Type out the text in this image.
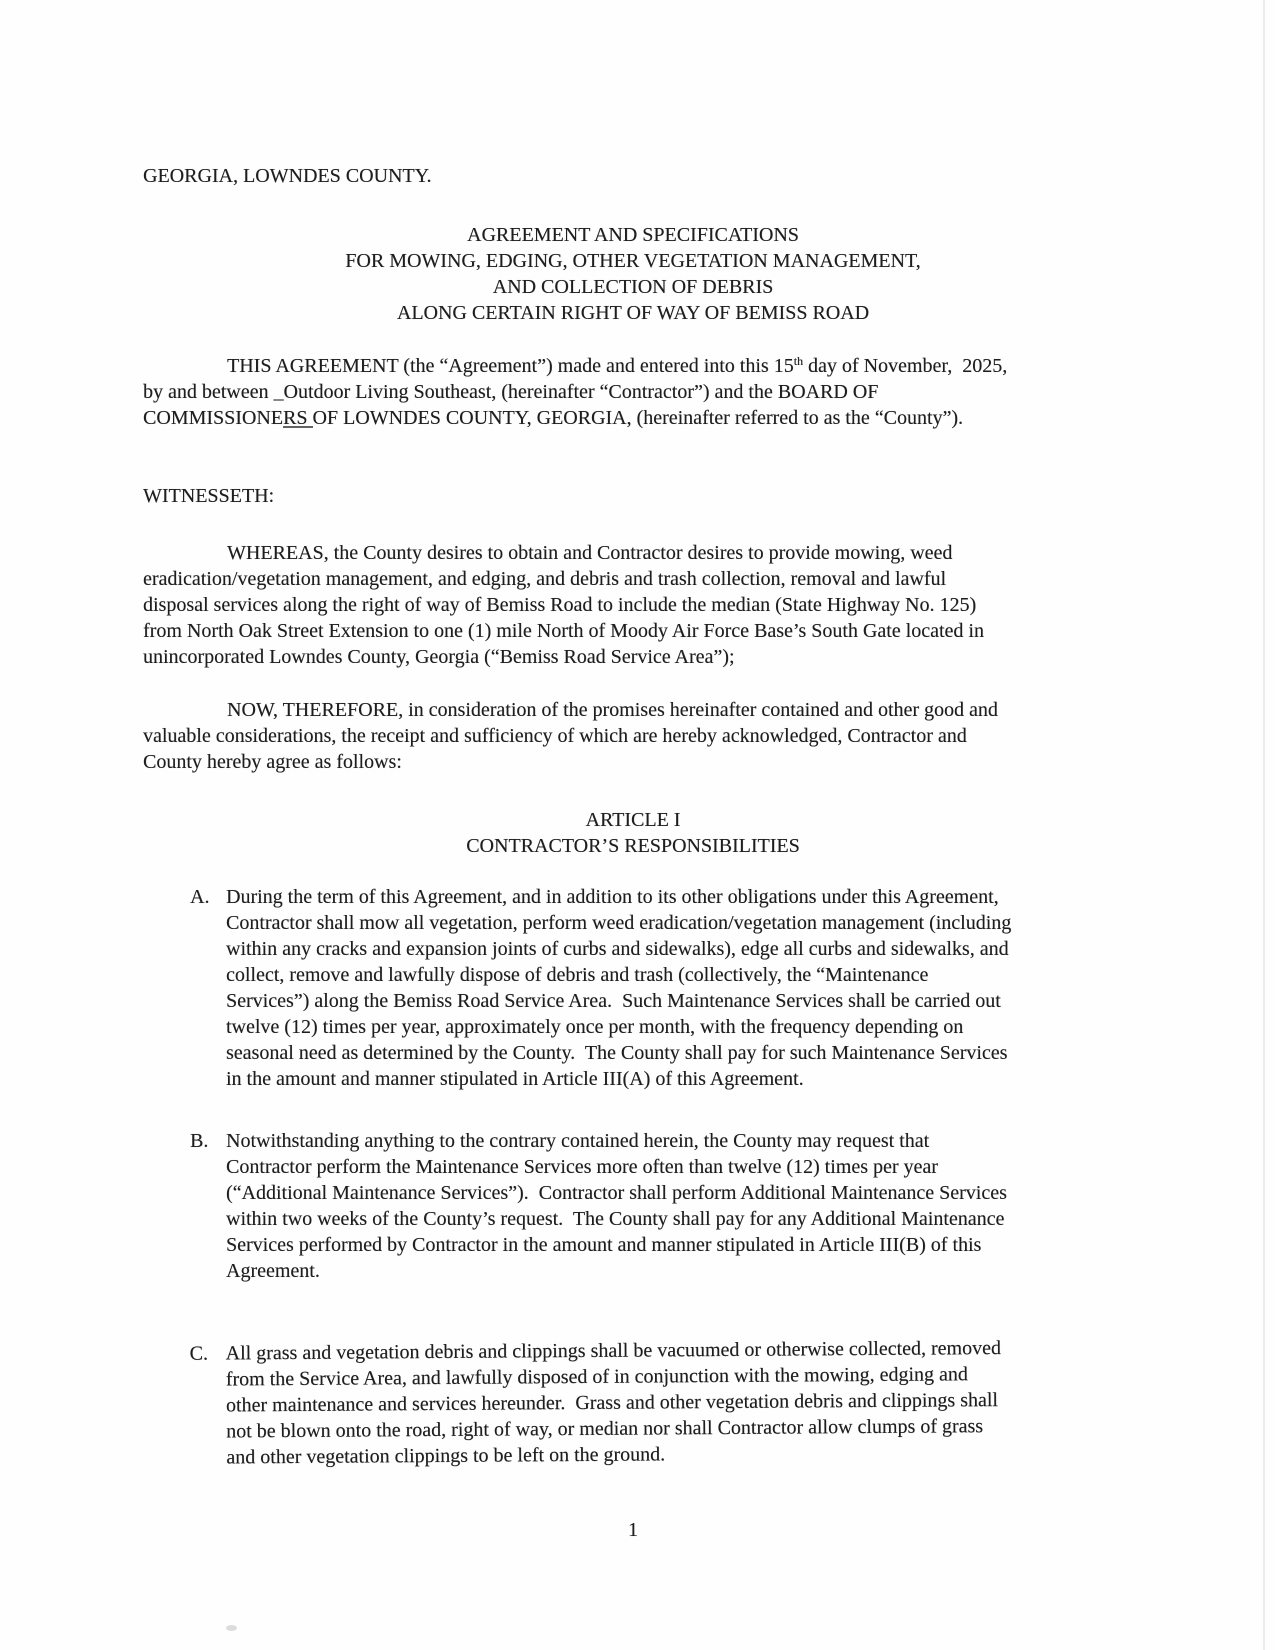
GEORGIA, LOWNDES COUNTY.
AGREEMENT AND SPECIFICATIONS
FOR MOWING, EDGING, OTHER VEGETATION MANAGEMENT,
AND COLLECTION OF DEBRIS
ALONG CERTAIN RIGHT OF WAY OF BEMISS ROAD
THIS AGREEMENT (the “Agreement”) made and entered into this 15th day of November,  2025,
by and between _Outdoor Living Southeast, (hereinafter “Contractor”) and the BOARD OF
COMMISSIONERS OF LOWNDES COUNTY, GEORGIA, (hereinafter referred to as the “County”).
WITNESSETH:
WHEREAS, the County desires to obtain and Contractor desires to provide mowing, weed
eradication/vegetation management, and edging, and debris and trash collection, removal and lawful
disposal services along the right of way of Bemiss Road to include the median (State Highway No. 125)
from North Oak Street Extension to one (1) mile North of Moody Air Force Base’s South Gate located in
unincorporated Lowndes County, Georgia (“Bemiss Road Service Area”);
NOW, THEREFORE, in consideration of the promises hereinafter contained and other good and
valuable considerations, the receipt and sufficiency of which are hereby acknowledged, Contractor and
County hereby agree as follows:
ARTICLE I
CONTRACTOR’S RESPONSIBILITIES
A. During the term of this Agreement, and in addition to its other obligations under this Agreement,
Contractor shall mow all vegetation, perform weed eradication/vegetation management (including
within any cracks and expansion joints of curbs and sidewalks), edge all curbs and sidewalks, and
collect, remove and lawfully dispose of debris and trash (collectively, the “Maintenance
Services”) along the Bemiss Road Service Area.  Such Maintenance Services shall be carried out
twelve (12) times per year, approximately once per month, with the frequency depending on
seasonal need as determined by the County.  The County shall pay for such Maintenance Services
in the amount and manner stipulated in Article III(A) of this Agreement.
B. Notwithstanding anything to the contrary contained herein, the County may request that
Contractor perform the Maintenance Services more often than twelve (12) times per year
(“Additional Maintenance Services”).  Contractor shall perform Additional Maintenance Services
within two weeks of the County’s request.  The County shall pay for any Additional Maintenance
Services performed by Contractor in the amount and manner stipulated in Article III(B) of this
Agreement.
C. All grass and vegetation debris and clippings shall be vacuumed or otherwise collected, removed
from the Service Area, and lawfully disposed of in conjunction with the mowing, edging and
other maintenance and services hereunder.  Grass and other vegetation debris and clippings shall
not be blown onto the road, right of way, or median nor shall Contractor allow clumps of grass
and other vegetation clippings to be left on the ground.
1
